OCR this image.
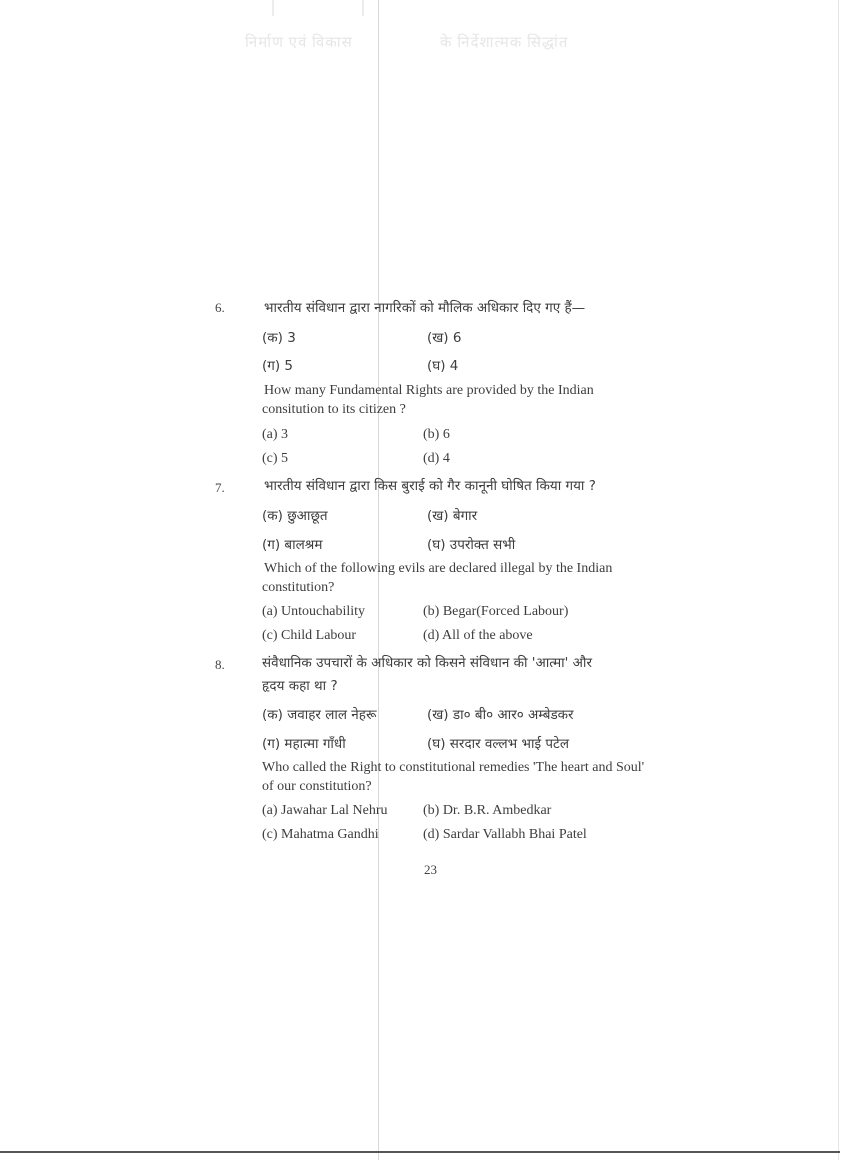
निर्माण एवं विकास	के निर्देशात्मक सिद्धांत
6.	भारतीय संविधान द्वारा नागरिकों को मौलिक अधिकार दिए गए हैं—
(क) 3	(ख) 6
(ग) 5	(घ) 4
How many Fundamental Rights are provided by the Indian
consitution to its citizen ?
(a) 3	(b) 6
(c) 5	(d) 4
7.	भारतीय संविधान द्वारा किस बुराई को गैर कानूनी घोषित किया गया ?
(क) छुआछूत	(ख) बेगार
(ग) बालश्रम	(घ) उपरोक्त सभी
Which of the following evils are declared illegal by the Indian
constitution?
(a) Untouchability	(b) Begar(Forced Labour)
(c) Child Labour	(d) All of the above
8.	संवैधानिक उपचारों के अधिकार को किसने संविधान की 'आत्मा' और
हृदय कहा था ?
(क) जवाहर लाल नेहरू	(ख) डा० बी० आर० अम्बेडकर
(ग) महात्मा गाँधी	(घ) सरदार वल्लभ भाई पटेल
Who called the Right to constitutional remedies 'The heart and Soul'
of our constitution?
(a) Jawahar Lal Nehru	(b) Dr. B.R. Ambedkar
(c) Mahatma Gandhi	(d) Sardar Vallabh Bhai Patel
23
